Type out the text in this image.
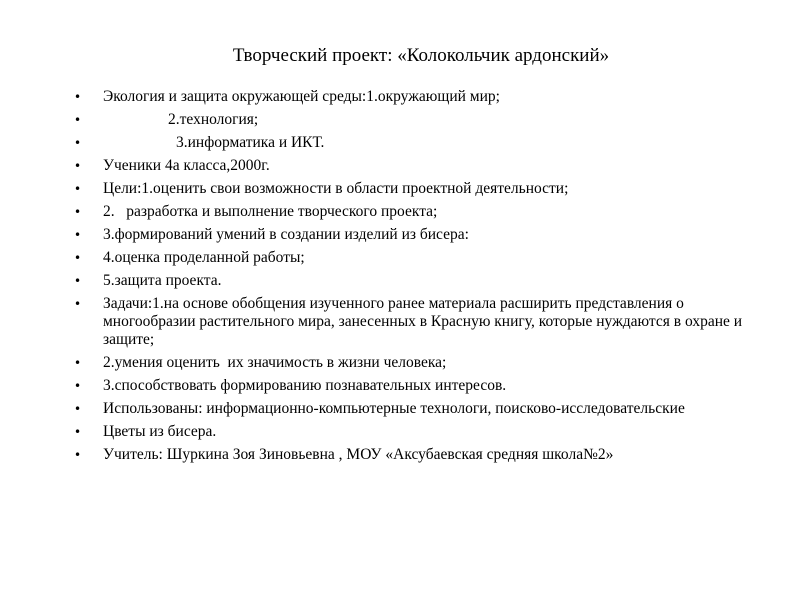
Творческий проект: «Колокольчик ардонский»
• Экология и защита окружающей среды:1.окружающий мир;
• 2.технология;
• 3.информатика и ИКТ.
• Ученики 4а класса,2000г.
• Цели:1.оценить свои возможности в области проектной деятельности;
• 2.   разработка и выполнение творческого проекта;
• 3.формирований умений в создании изделий из бисера:
• 4.оценка проделанной работы;
• 5.защита проекта.
• Задачи:1.на основе обобщения изученного ранее материала расширить представления о многообразии растительного мира, занесенных в Красную книгу, которые нуждаются в охране и защите;
• 2.умения оценить  их значимость в жизни человека;
• 3.способствовать формированию познавательных интересов.
• Использованы: информационно-компьютерные технологи, поисково-исследовательские
• Цветы из бисера.
• Учитель: Шуркина Зоя Зиновьевна , МОУ «Аксубаевская средняя школа№2»
